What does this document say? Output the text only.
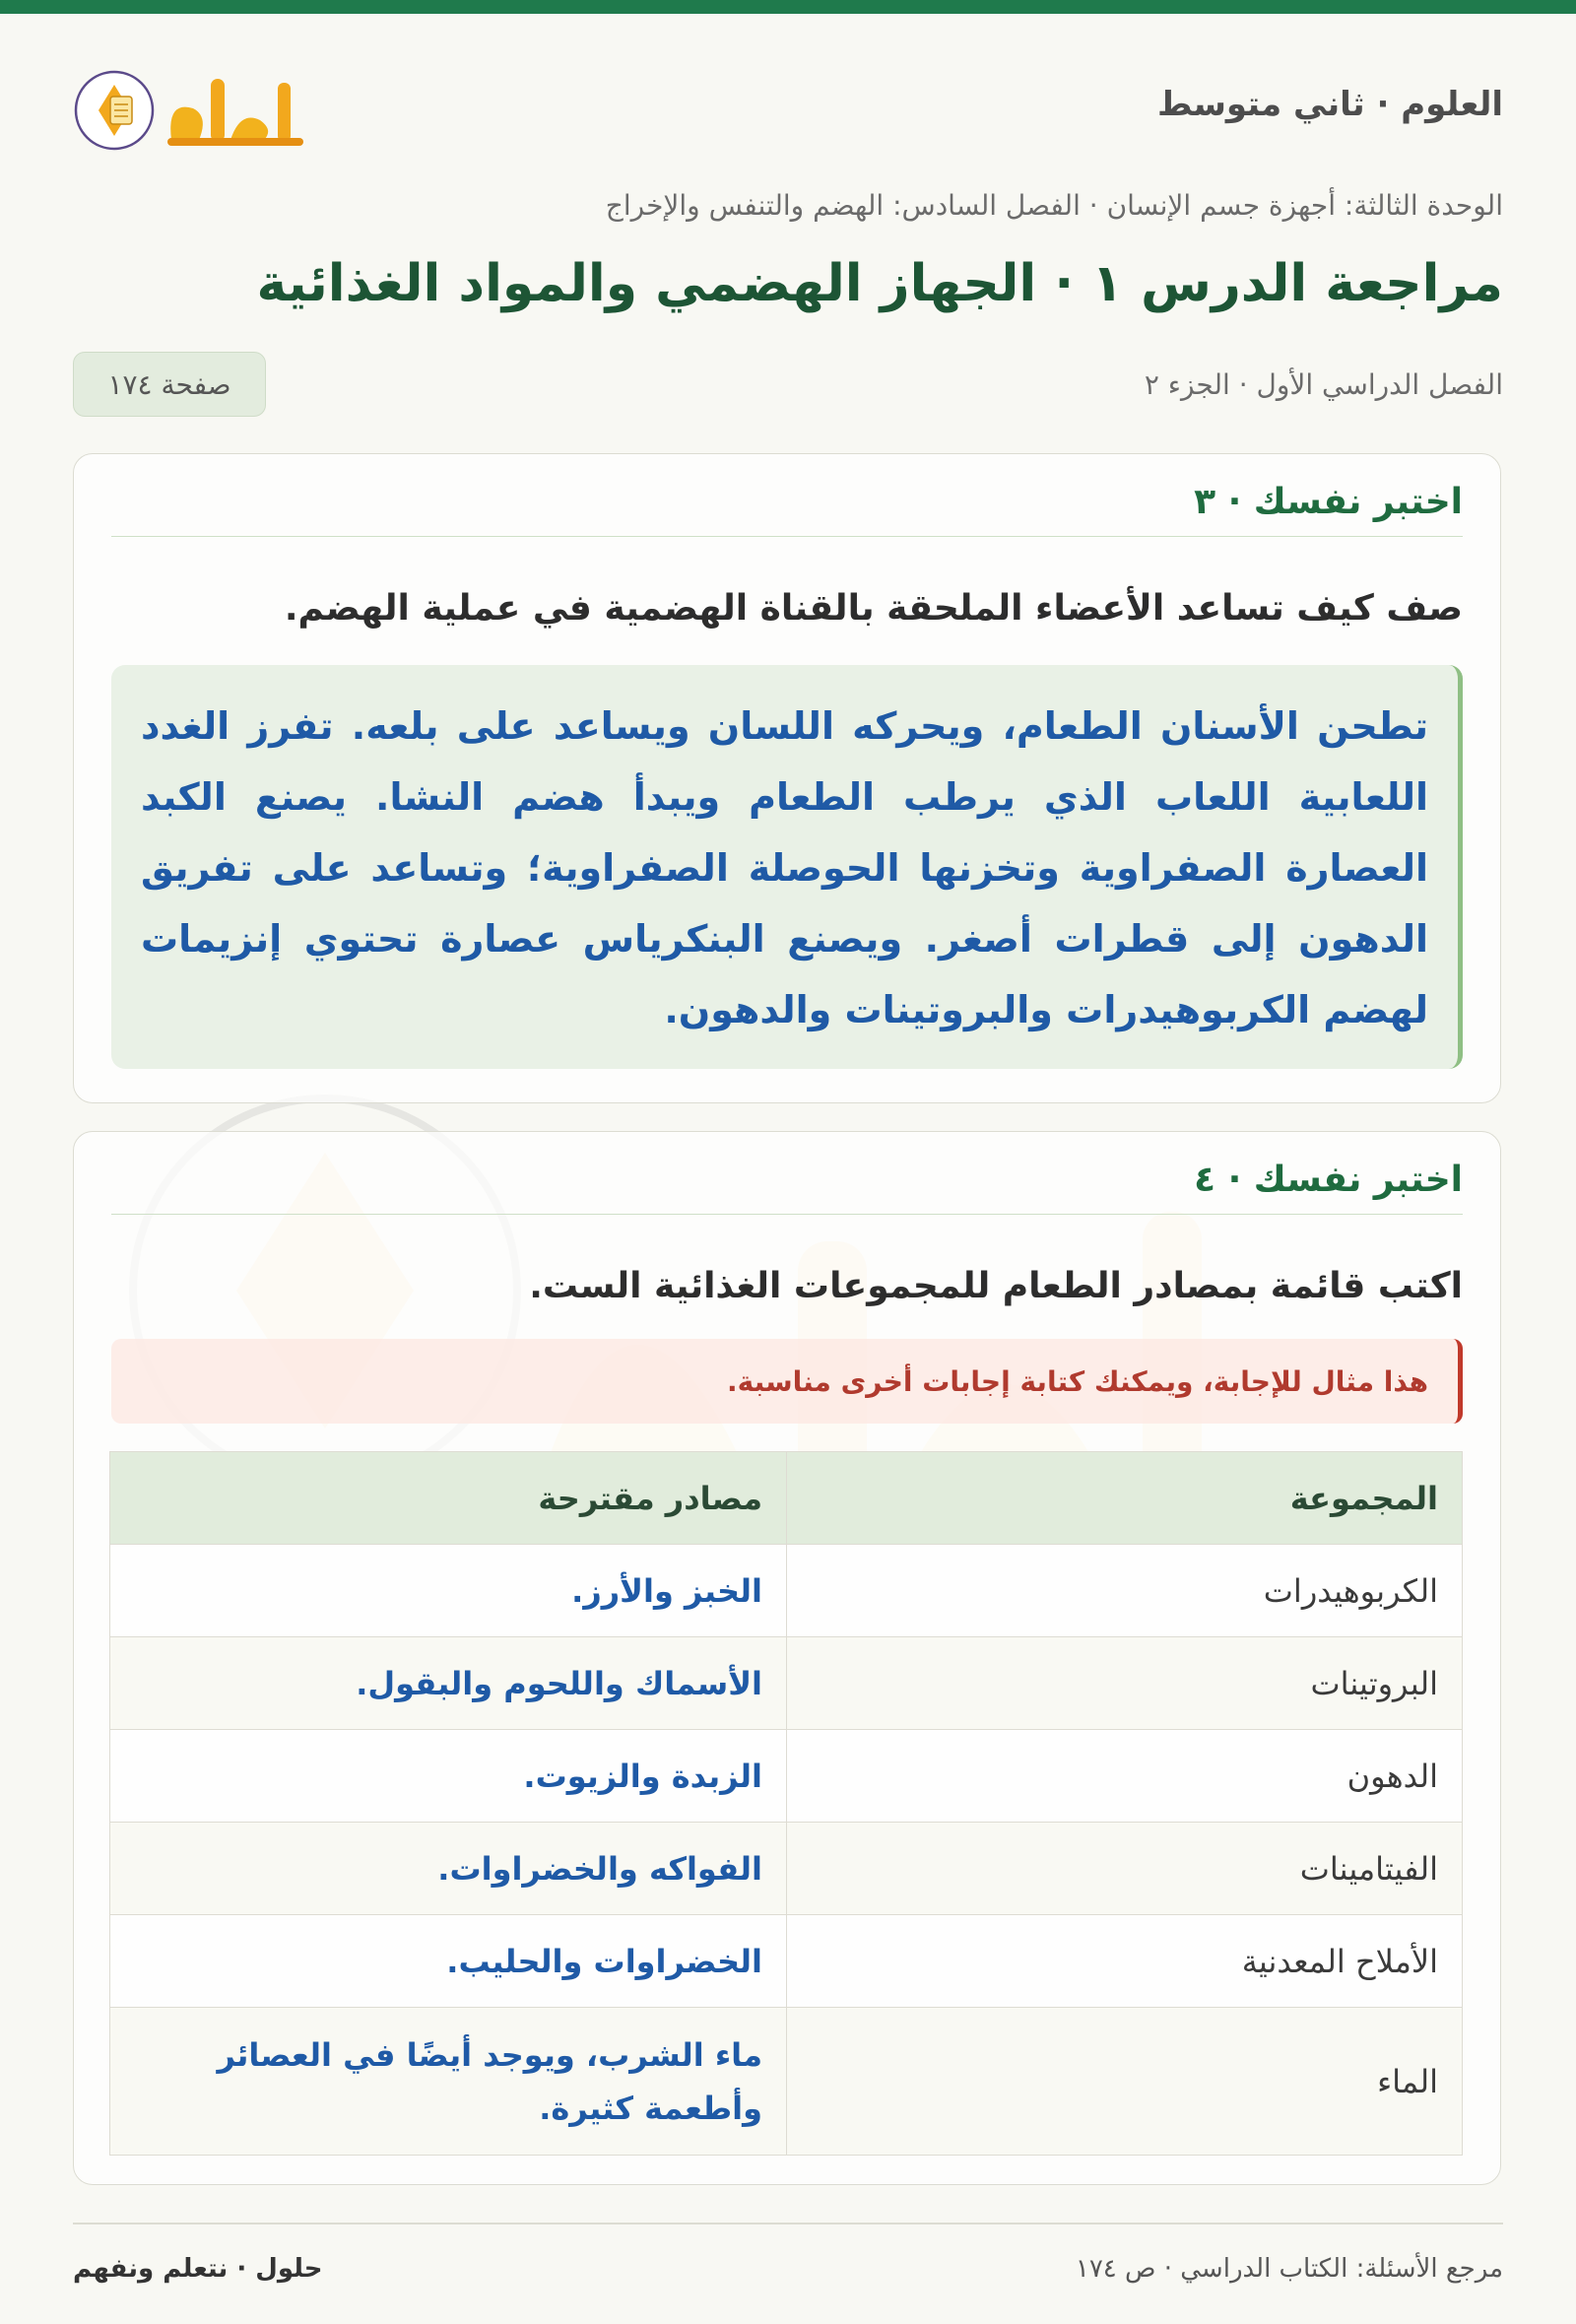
العلوم · ثاني متوسط
الوحدة الثالثة: أجهزة جسم الإنسان · الفصل السادس: الهضم والتنفس والإخراج
مراجعة الدرس ١ · الجهاز الهضمي والمواد الغذائية
الفصل الدراسي الأول · الجزء ٢
صفحة ١٧٤
اختبر نفسك · ٣
صف كيف تساعد الأعضاء الملحقة بالقناة الهضمية في عملية الهضم.
تطحن الأسنان الطعام، ويحركه اللسان ويساعد على بلعه. تفرز الغدد اللعابية اللعاب الذي يرطب الطعام ويبدأ هضم النشا. يصنع الكبد العصارة الصفراوية وتخزنها الحوصلة الصفراوية؛ وتساعد على تفريق الدهون إلى قطرات أصغر. ويصنع البنكرياس عصارة تحتوي إنزيمات لهضم الكربوهيدرات والبروتينات والدهون.
اختبر نفسك · ٤
اكتب قائمة بمصادر الطعام للمجموعات الغذائية الست.
هذا مثال للإجابة، ويمكنك كتابة إجابات أخرى مناسبة.
المجموعة	مصادر مقترحة
الكربوهيدرات	الخبز والأرز.
البروتينات	الأسماك واللحوم والبقول.
الدهون	الزبدة والزيوت.
الفيتامينات	الفواكه والخضراوات.
الأملاح المعدنية	الخضراوات والحليب.
الماء	ماء الشرب، ويوجد أيضًا في العصائر وأطعمة كثيرة.
مرجع الأسئلة: الكتاب الدراسي · ص ١٧٤
حلول · نتعلم ونفهم
